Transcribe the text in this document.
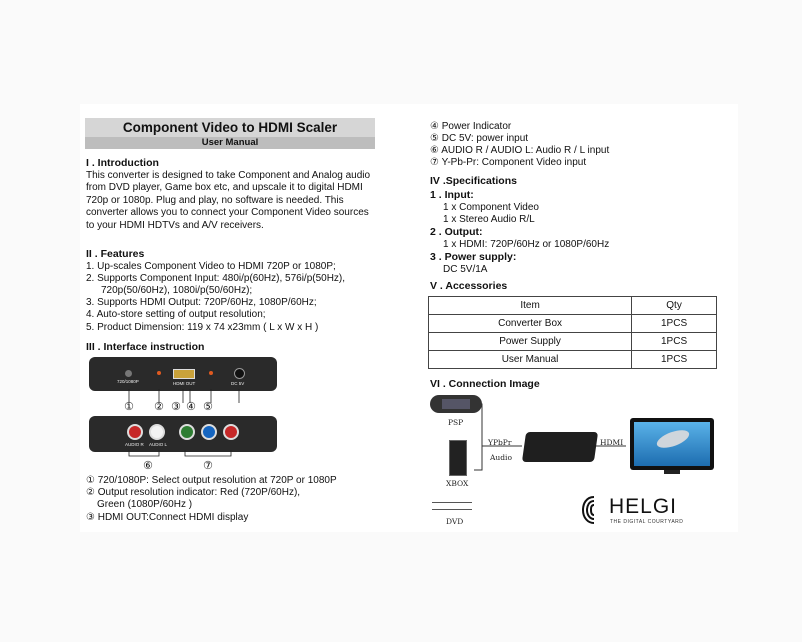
Component Video to HDMI Scaler
User Manual
I . Introduction
This converter is designed to take Component and Analog audio from DVD player, Game box etc, and upscale it to digital HDMI 720p or 1080p. Plug and play, no software is needed. This converter allows you to connect your Component Video sources to your HDMI HDTVs and A/V receivers.
II . Features
1. Up-scales Component Video to HDMI 720P or 1080P;
2. Supports Component Input: 480i/p(60Hz), 576i/p(50Hz),
720p(50/60Hz), 1080i/p(50/60Hz);
3. Supports HDMI Output: 720P/60Hz, 1080P/60Hz;
4. Auto-store setting of output resolution;
5. Product Dimension: 119 x 74 x23mm ( L x W x H )
III . Interface instruction
720/1080P	HDMI OUT	DC 5V
① ② ③ ④ ⑤
AUDIO R AUDIO L
⑥	⑦
① 720/1080P: Select output resolution at 720P or 1080P
② Output resolution indicator: Red (720P/60Hz),
Green (1080P/60Hz )
③ HDMI OUT:Connect HDMI display
④ Power Indicator
⑤ DC 5V: power input
⑥ AUDIO R / AUDIO L: Audio R / L input
⑦ Y-Pb-Pr: Component Video input
IV .Specifications
1 . Input:
1 x Component Video
1 x Stereo Audio R/L
2 . Output:
1 x HDMI: 720P/60Hz or 1080P/60Hz
3 . Power supply:
DC 5V/1A
V . Accessories
Item	Qty
Converter Box	1PCS
Power Supply	1PCS
User Manual	1PCS
VI . Connection Image
PSP
XBOX
DVD
YPbPr
Audio
HDMI
HELGI
THE DIGITAL COURTYARD
